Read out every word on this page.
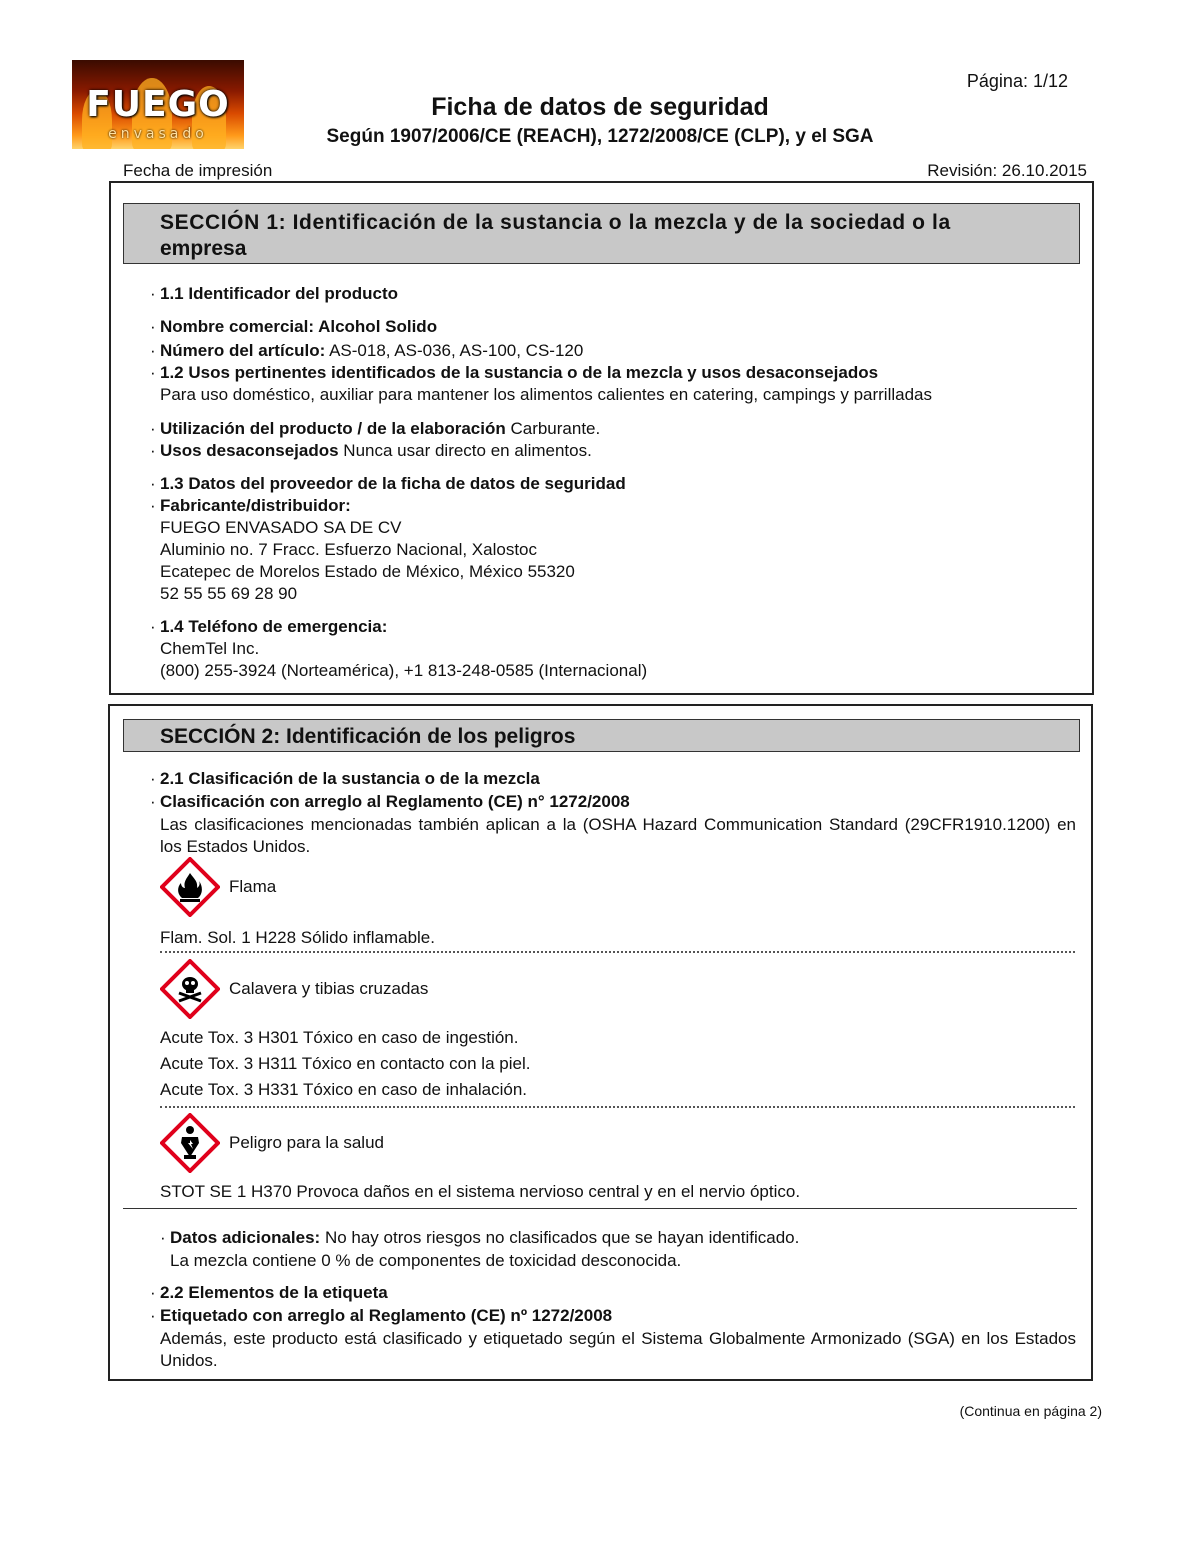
FUEGO
envasado
Página: 1/12
Ficha de datos de seguridad
Según 1907/2006/CE (REACH), 1272/2008/CE (CLP), y el SGA
Fecha de impresión	Revisión: 26.10.2015
SECCIÓN 1: Identificación de la sustancia o la mezcla y de la sociedad o la
empresa
· 1.1 Identificador del producto
· Nombre comercial: Alcohol Solido
· Número del artículo: AS-018, AS-036, AS-100, CS-120
· 1.2 Usos pertinentes identificados de la sustancia o de la mezcla y usos desaconsejados
Para uso doméstico, auxiliar para mantener los alimentos calientes en catering, campings y parrilladas
· Utilización del producto / de la elaboración Carburante.
· Usos desaconsejados Nunca usar directo en alimentos.
· 1.3 Datos del proveedor de la ficha de datos de seguridad
· Fabricante/distribuidor:
FUEGO ENVASADO SA DE CV
Aluminio no. 7 Fracc. Esfuerzo Nacional, Xalostoc
Ecatepec de Morelos Estado de México, México 55320
52 55 55 69 28 90
· 1.4 Teléfono de emergencia:
ChemTel Inc.
(800) 255-3924 (Norteamérica), +1 813-248-0585 (Internacional)
SECCIÓN 2: Identificación de los peligros
· 2.1 Clasificación de la sustancia o de la mezcla
· Clasificación con arreglo al Reglamento (CE) n° 1272/2008
Las clasificaciones mencionadas también aplican a la (OSHA Hazard Communication Standard (29CFR1910.1200) en los Estados Unidos.
Flama
Flam. Sol. 1 H228 Sólido inflamable.
Calavera y tibias cruzadas
Acute Tox. 3 H301 Tóxico en caso de ingestión.
Acute Tox. 3 H311 Tóxico en contacto con la piel.
Acute Tox. 3 H331 Tóxico en caso de inhalación.
Peligro para la salud
STOT SE 1 H370 Provoca daños en el sistema nervioso central y en el nervio óptico.
· Datos adicionales: No hay otros riesgos no clasificados que se hayan identificado.
La mezcla contiene 0 % de componentes de toxicidad desconocida.
· 2.2 Elementos de la etiqueta
· Etiquetado con arreglo al Reglamento (CE) nº 1272/2008
Además, este producto está clasificado y etiquetado según el Sistema Globalmente Armonizado (SGA) en los Estados Unidos.
(Continua en página 2)
